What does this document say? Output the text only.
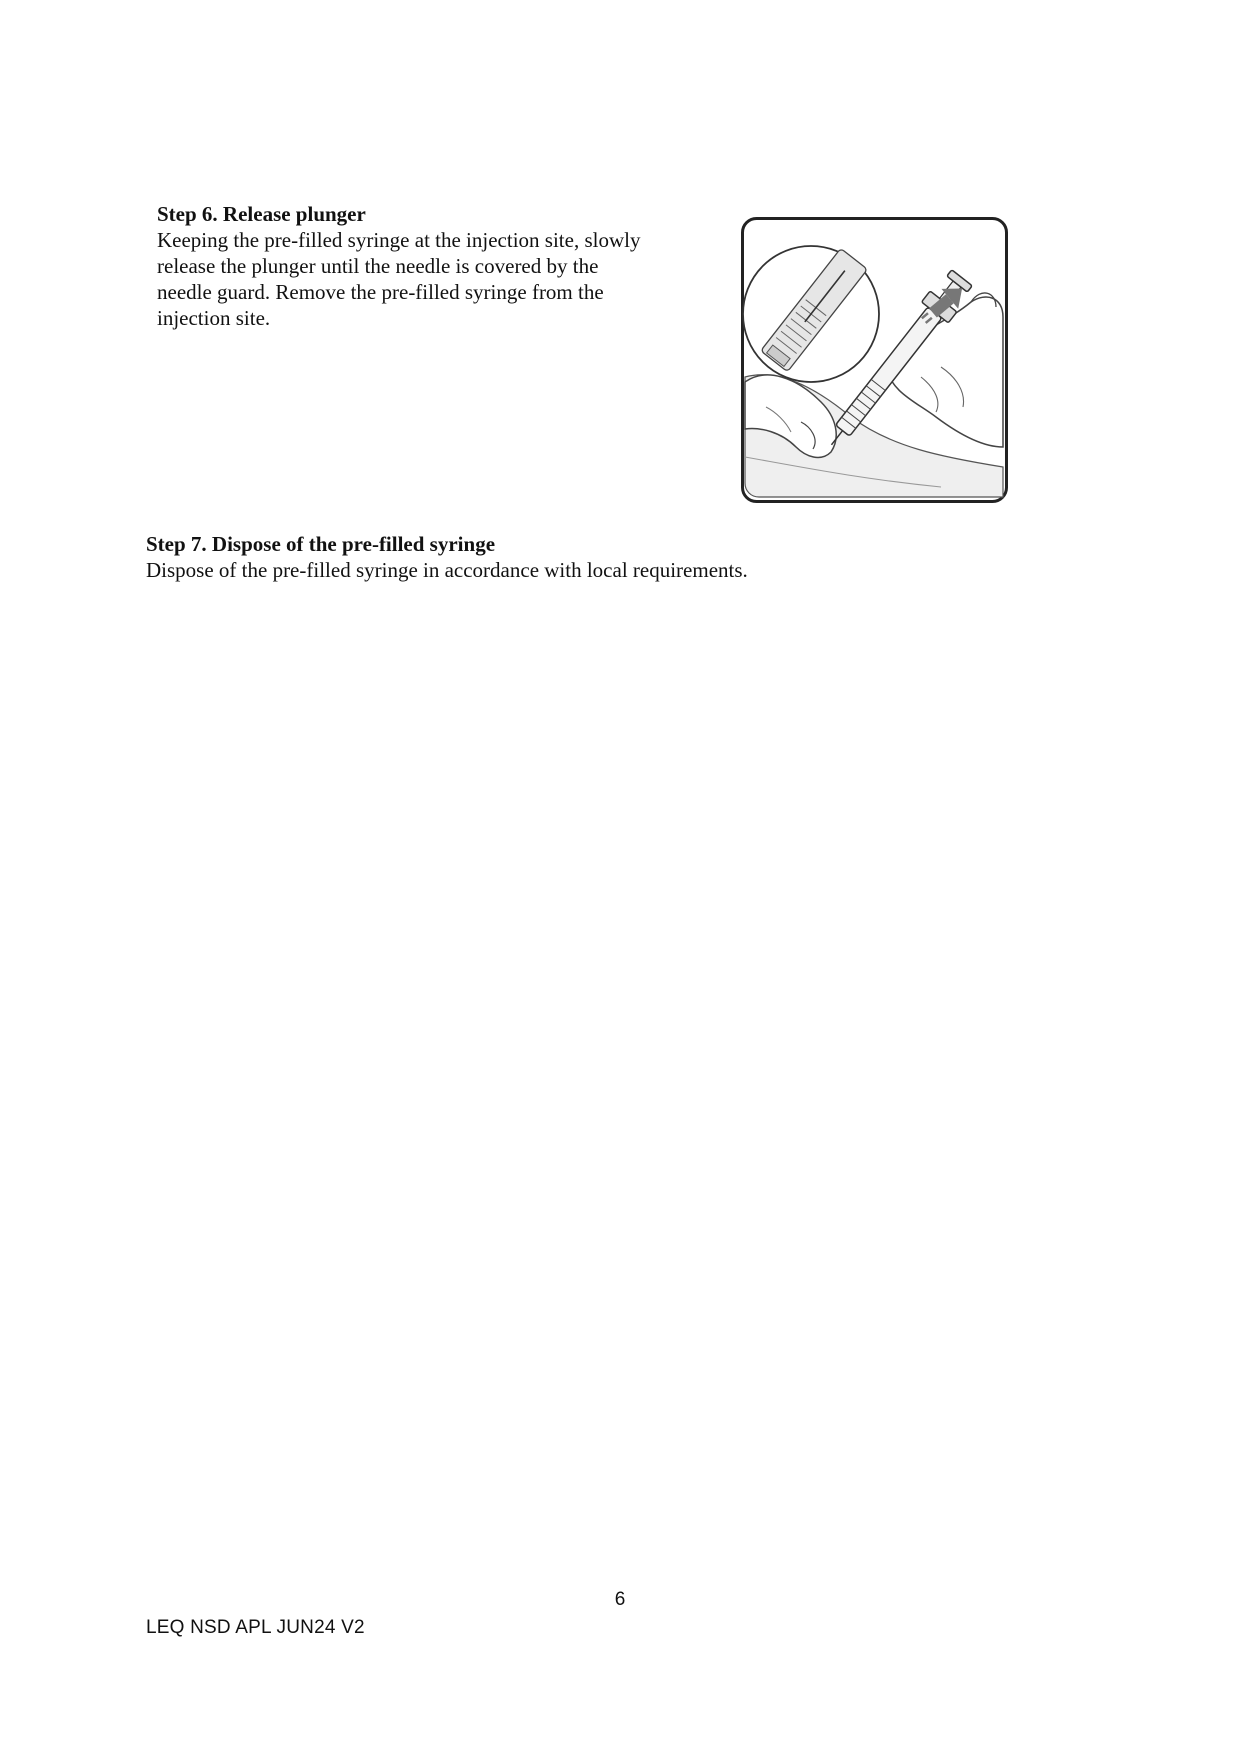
Step 6. Release plunger

Keeping the pre-filled syringe at the injection site, slowly

release the plunger until the needle is covered by the

needle guard. Remove the pre-filled syringe from the

injection site.

Step 7. Dispose of the pre-filled syringe

Dispose of the pre-filled syringe in accordance with local requirements.

6
LEQ NSD APL JUN24 V2
